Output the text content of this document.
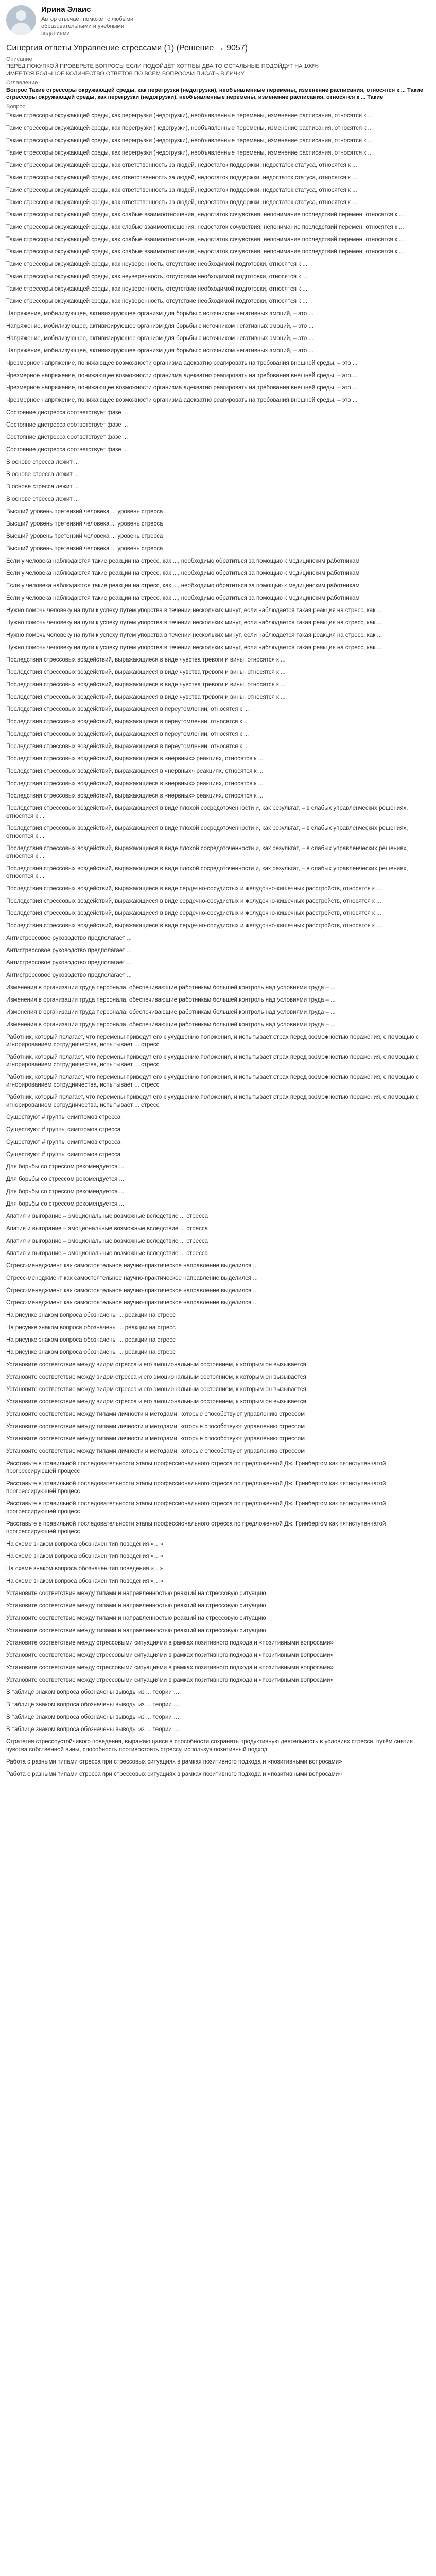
Ирина Элаис
Автор отвечает поможет с любыми образовательными и учебными заданиями
Синергия ответы Управление стрессами (1) (Решение → 9057)
Описание
ПЕРЕД ПОКУПКОЙ ПРОВЕРЬТЕ ВОПРОСЫ ЕСЛИ ПОДОЙДЁТ ХОТЯБЫ ДВА ТО ОСТАЛЬНЫЕ ПОДОЙДУТ НА 100%
ИМЕЕТСЯ БОЛЬШОЕ КОЛИЧЕСТВО ОТВЕТОВ ПО ВСЕМ ВОПРОСАМ ПИСАТЬ В ЛИЧКУ
Оглавление
Вопрос Такие стрессоры окружающей среды, как перегрузки (недогрузки), необъявленные перемены, изменение расписания, относятся к ... Такие стрессоры окружающей среды, как перегрузки (недогрузки), необъявленные перемены, изменение расписания, относятся к ... Такие
Вопрос
Такие стрессоры окружающей среды, как перегрузки (недогрузки), необъявленные перемены, изменение расписания, относятся к ...
Такие стрессоры окружающей среды, как перегрузки (недогрузки), необъявленные перемены, изменение расписания, относятся к ...
Такие стрессоры окружающей среды, как перегрузки (недогрузки), необъявленные перемены, изменение расписания, относятся к ...
Такие стрессоры окружающей среды, как перегрузки (недогрузки), необъявленные перемены, изменение расписания, относятся к ...
Такие стрессоры окружающей среды, как ответственность за людей, недостаток поддержки, недостаток статуса, относятся к ...
Такие стрессоры окружающей среды, как ответственность за людей, недостаток поддержки, недостаток статуса, относятся к ...
Такие стрессоры окружающей среды, как ответственность за людей, недостаток поддержки, недостаток статуса, относятся к ...
Такие стрессоры окружающей среды, как ответственность за людей, недостаток поддержки, недостаток статуса, относятся к ...
Такие стрессоры окружающей среды, как слабые взаимоотношения, недостаток сочувствия, непонимание последствий перемен, относятся к ...
Такие стрессоры окружающей среды, как слабые взаимоотношения, недостаток сочувствия, непонимание последствий перемен, относятся к ...
Такие стрессоры окружающей среды, как слабые взаимоотношения, недостаток сочувствия, непонимание последствий перемен, относятся к ...
Такие стрессоры окружающей среды, как слабые взаимоотношения, недостаток сочувствия, непонимание последствий перемен, относятся к ...
Такие стрессоры окружающей среды, как неуверенность, отсутствие необходимой подготовки, относятся к ...
Такие стрессоры окружающей среды, как неуверенность, отсутствие необходимой подготовки, относятся к ...
Такие стрессоры окружающей среды, как неуверенность, отсутствие необходимой подготовки, относятся к ...
Такие стрессоры окружающей среды, как неуверенность, отсутствие необходимой подготовки, относятся к ...
Напряжение, мобилизующее, активизирующее организм для борьбы с источником негативных эмоций, – это ...
Напряжение, мобилизующее, активизирующее организм для борьбы с источником негативных эмоций, – это ...
Напряжение, мобилизующее, активизирующее организм для борьбы с источником негативных эмоций, – это ...
Напряжение, мобилизующее, активизирующее организм для борьбы с источником негативных эмоций, – это ...
Чрезмерное напряжение, понижающее возможности организма адекватно реагировать на требования внешней среды, – это ...
Чрезмерное напряжение, понижающее возможности организма адекватно реагировать на требования внешней среды, – это ...
Чрезмерное напряжение, понижающее возможности организма адекватно реагировать на требования внешней среды, – это ...
Чрезмерное напряжение, понижающее возможности организма адекватно реагировать на требования внешней среды, – это ...
Состояние дистресса соответствует фазе ...
Состояние дистресса соответствует фазе ...
Состояние дистресса соответствует фазе ...
Состояние дистресса соответствует фазе ...
В основе стресса лежит ...
В основе стресса лежит ...
В основе стресса лежит ...
В основе стресса лежит ...
Высший уровень претензий человека ... уровень стресса
Высший уровень претензий человека ... уровень стресса
Высший уровень претензий человека ... уровень стресса
Высший уровень претензий человека ... уровень стресса
Если у человека наблюдаются такие реакции на стресс, как ..., необходимо обратиться за помощью к медицинским работникам
Если у человека наблюдаются такие реакции на стресс, как ..., необходимо обратиться за помощью к медицинским работникам
Если у человека наблюдаются такие реакции на стресс, как ..., необходимо обратиться за помощью к медицинским работникам
Если у человека наблюдаются такие реакции на стресс, как ..., необходимо обратиться за помощью к медицинским работникам
Нужно помочь человеку на пути к успеху путем упорства в течении нескольких минут, если наблюдается такая реакция на стресс, как ...
Нужно помочь человеку на пути к успеху путем упорства в течении нескольких минут, если наблюдается такая реакция на стресс, как ...
Нужно помочь человеку на пути к успеху путем упорства в течении нескольких минут, если наблюдается такая реакция на стресс, как ...
Нужно помочь человеку на пути к успеху путем упорства в течении нескольких минут, если наблюдается такая реакция на стресс, как ...
Последствия стрессовых воздействий, выражающиеся в виде чувства тревоги и вины, относятся к ...
Последствия стрессовых воздействий, выражающиеся в виде чувства тревоги и вины, относятся к ...
Последствия стрессовых воздействий, выражающиеся в виде чувства тревоги и вины, относятся к ...
Последствия стрессовых воздействий, выражающиеся в виде чувства тревоги и вины, относятся к ...
Последствия стрессовых воздействий, выражающиеся в переутомлении, относятся к ...
Последствия стрессовых воздействий, выражающиеся в переутомлении, относятся к ...
Последствия стрессовых воздействий, выражающиеся в переутомлении, относятся к ...
Последствия стрессовых воздействий, выражающиеся в переутомлении, относятся к ...
Последствия стрессовых воздействий, выражающиеся в «нервных» реакциях, относятся к ...
Последствия стрессовых воздействий, выражающиеся в «нервных» реакциях, относятся к ...
Последствия стрессовых воздействий, выражающиеся в «нервных» реакциях, относятся к ...
Последствия стрессовых воздействий, выражающиеся в «нервных» реакциях, относятся к ...
Последствия стрессовых воздействий, выражающиеся в виде плохой сосредоточенности и, как результат, – в слабых управленческих решениях, относятся к ...
Последствия стрессовых воздействий, выражающиеся в виде плохой сосредоточенности и, как результат, – в слабых управленческих решениях, относятся к ...
Последствия стрессовых воздействий, выражающиеся в виде плохой сосредоточенности и, как результат, – в слабых управленческих решениях, относятся к ...
Последствия стрессовых воздействий, выражающиеся в виде плохой сосредоточенности и, как результат, – в слабых управленческих решениях, относятся к ...
Последствия стрессовых воздействий, выражающиеся в виде сердечно-сосудистых и желудочно-кишечных расстройств, относятся к ...
Последствия стрессовых воздействий, выражающиеся в виде сердечно-сосудистых и желудочно-кишечных расстройств, относятся к ...
Последствия стрессовых воздействий, выражающиеся в виде сердечно-сосудистых и желудочно-кишечных расстройств, относятся к ...
Последствия стрессовых воздействий, выражающиеся в виде сердечно-сосудистых и желудочно-кишечных расстройств, относятся к ...
Антистрессовое руководство предполагает ...
Антистрессовое руководство предполагает ...
Антистрессовое руководство предполагает ...
Антистрессовое руководство предполагает ...
Изменения в организации труда персонала, обеспечивающие работникам большей контроль над условиями труда – ...
Изменения в организации труда персонала, обеспечивающие работникам большей контроль над условиями труда – ...
Изменения в организации труда персонала, обеспечивающие работникам большей контроль над условиями труда – ...
Изменения в организации труда персонала, обеспечивающие работникам большей контроль над условиями труда – ...
Работник, который полагает, что перемены приведут его к ухудшению положения, и испытывает страх перед возможностью поражения, с помощью с игнорированием сотрудничества, испытывает ... стресс
Работник, который полагает, что перемены приведут его к ухудшению положения, и испытывает страх перед возможностью поражения, с помощью с игнорированием сотрудничества, испытывает ... стресс
Работник, который полагает, что перемены приведут его к ухудшению положения, и испытывает страх перед возможностью поражения, с помощью с игнорированием сотрудничества, испытывает ... стресс
Работник, который полагает, что перемены приведут его к ухудшению положения, и испытывает страх перед возможностью поражения, с помощью с игнорированием сотрудничества, испытывает ... стресс
Существуют # группы симптомов стресса
Существуют # группы симптомов стресса
Существуют # группы симптомов стресса
Существуют # группы симптомов стресса
Для борьбы со стрессом рекомендуется ...
Для борьбы со стрессом рекомендуется ...
Для борьбы со стрессом рекомендуется ...
Для борьбы со стрессом рекомендуется ...
Апатия и выгорание – эмоциональные возможные вследствие ... стресса
Апатия и выгорание – эмоциональные возможные вследствие ... стресса
Апатия и выгорание – эмоциональные возможные вследствие ... стресса
Апатия и выгорание – эмоциональные возможные вследствие ... стресса
Стресс-менеджмент как самостоятельное научно-практическое направление выделился ...
Стресс-менеджмент как самостоятельное научно-практическое направление выделился ...
Стресс-менеджмент как самостоятельное научно-практическое направление выделился ...
Стресс-менеджмент как самостоятельное научно-практическое направление выделился ...
На рисунке знаком вопроса обозначены ... реакции на стресс
На рисунке знаком вопроса обозначены ... реакции на стресс
На рисунке знаком вопроса обозначены ... реакции на стресс
На рисунке знаком вопроса обозначены ... реакции на стресс
Установите соответствие между видом стресса и его эмоциональным состоянием, к которым он вызывается
Установите соответствие между видом стресса и его эмоциональным состоянием, к которым он вызывается
Установите соответствие между видом стресса и его эмоциональным состоянием, к которым он вызывается
Установите соответствие между видом стресса и его эмоциональным состоянием, к которым он вызывается
Установите соответствие между типами личности и методами, которые способствуют управлению стрессом
Установите соответствие между типами личности и методами, которые способствуют управлению стрессом
Установите соответствие между типами личности и методами, которые способствуют управлению стрессом
Установите соответствие между типами личности и методами, которые способствуют управлению стрессом
Расставьте в правильной последовательности этапы профессионального стресса по предложенной Дж. Гринбергом как пятиступенчатой прогрессирующей процесс
Расставьте в правильной последовательности этапы профессионального стресса по предложенной Дж. Гринбергом как пятиступенчатой прогрессирующей процесс
Расставьте в правильной последовательности этапы профессионального стресса по предложенной Дж. Гринбергом как пятиступенчатой прогрессирующей процесс
Расставьте в правильной последовательности этапы профессионального стресса по предложенной Дж. Гринбергом как пятиступенчатой прогрессирующей процесс
На схеме знаком вопроса обозначен тип поведения «…»
На схеме знаком вопроса обозначен тип поведения «…»
На схеме знаком вопроса обозначен тип поведения «…»
На схеме знаком вопроса обозначен тип поведения «…»
Установите соответствие между типами и направленностью реакций на стрессовую ситуацию
Установите соответствие между типами и направленностью реакций на стрессовую ситуацию
Установите соответствие между типами и направленностью реакций на стрессовую ситуацию
Установите соответствие между типами и направленностью реакций на стрессовую ситуацию
Установите соответствие между стрессовыми ситуациями в рамках позитивного подхода и «позитивными вопросами»
Установите соответствие между стрессовыми ситуациями в рамках позитивного подхода и «позитивными вопросами»
Установите соответствие между стрессовыми ситуациями в рамках позитивного подхода и «позитивными вопросами»
Установите соответствие между стрессовыми ситуациями в рамках позитивного подхода и «позитивными вопросами»
В таблице знаком вопроса обозначены выводы из ... теории …
В таблице знаком вопроса обозначены выводы из ... теории …
В таблице знаком вопроса обозначены выводы из ... теории …
В таблице знаком вопроса обозначены выводы из ... теории …
Стратегия стрессоустойчивого поведения, выражающаяся в способности сохранять продуктивную деятельность в условиях стресса, путём снятия чувства собственной вины, способность противостоять стрессу, используя позитивный подход
Работа с разными типами стресса при стрессовых ситуациях в рамках позитивного подхода и «позитивными вопросами»
Работа с разными типами стресса при стрессовых ситуациях в рамках позитивного подхода и «позитивными вопросами»
